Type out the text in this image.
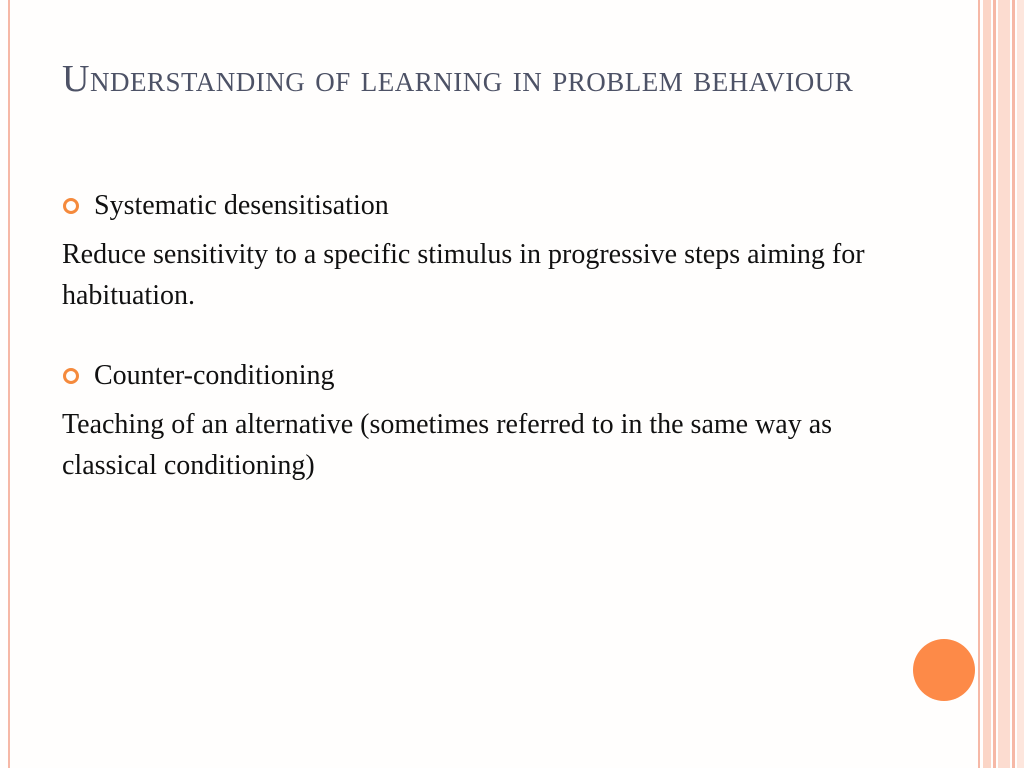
Understanding of learning in problem behaviour
Systematic desensitisation
Reduce sensitivity to a specific stimulus in progressive steps aiming for habituation.
Counter-conditioning
Teaching of an alternative (sometimes referred to in the same way as classical conditioning)
